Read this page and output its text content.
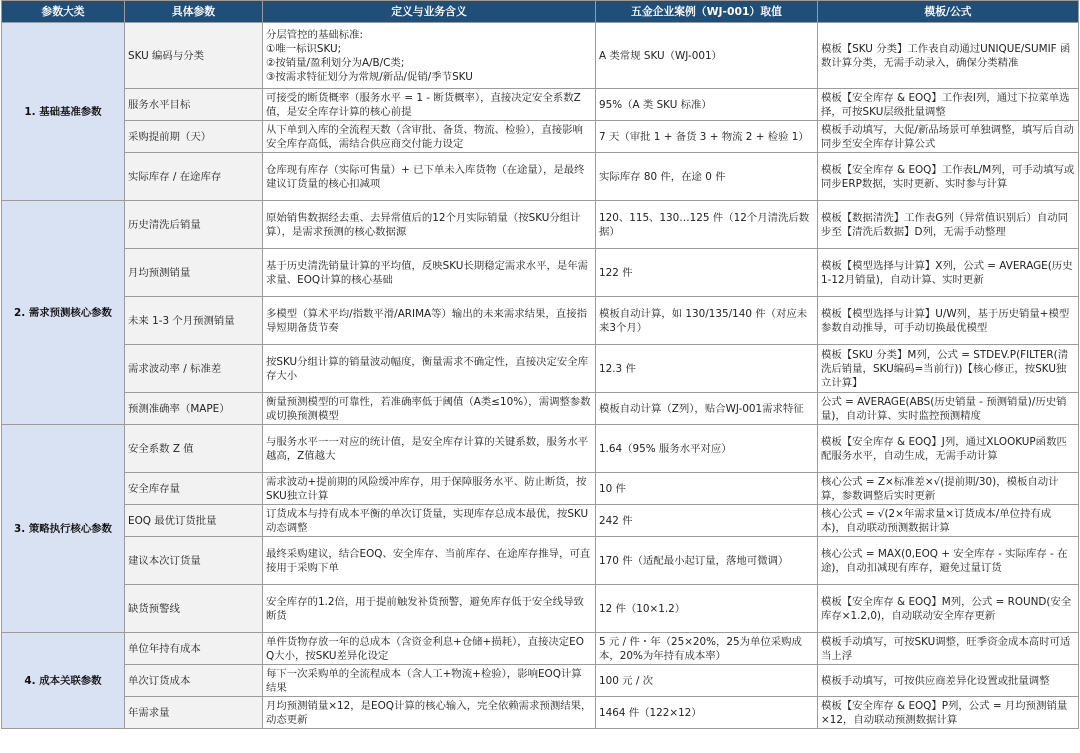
参数大类	具体参数	定义与业务含义	五金企业案例（WJ-001）取值	模板/公式
1. 基础基准参数	SKU 编码与分类	分层管控的基础标准:
①唯一标识SKU;
②按销量/盈利划分为A/B/C类;
③按需求特征划分为常规/新品/促销/季节SKU	A 类常规 SKU（WJ-001）	模板【SKU 分类】工作表自动通过UNIQUE/SUMIF 函数计算分类，无需手动录入，确保分类精准
	服务水平目标	可接受的断货概率（服务水平 = 1 - 断货概率），直接决定安全系数Z值，是安全库存计算的核心前提	95%（A 类 SKU 标准）	模板【安全库存 & EOQ】工作表I列，通过下拉菜单选择，可按SKU层级批量调整
	采购提前期（天）	从下单到入库的全流程天数（含审批、备货、物流、检验），直接影响安全库存高低，需结合供应商交付能力设定	7 天（审批 1 + 备货 3 + 物流 2 + 检验 1）	模板手动填写，大促/新品场景可单独调整，填写后自动同步至安全库存计算公式
	实际库存 / 在途库存	仓库现有库存（实际可售量）+ 已下单未入库货物（在途量），是最终建议订货量的核心扣减项	实际库存 80 件，在途 0 件	模板【安全库存 & EOQ】工作表L/M列，可手动填写或同步ERP数据，实时更新、实时参与计算
2. 需求预测核心参数	历史清洗后销量	原始销售数据经去重、去异常值后的12个月实际销量（按SKU分组计算），是需求预测的核心数据源	120、115、130…125 件（12个月清洗后数据）	模板【数据清洗】工作表G列（异常值识别后）自动同步至【清洗后数据】D列，无需手动整理
	月均预测销量	基于历史清洗销量计算的平均值，反映SKU长期稳定需求水平，是年需求量、EOQ计算的核心基础	122 件	模板【模型选择与计算】X列，公式 = AVERAGE(历史1-12月销量)，自动计算、实时更新
	未来 1-3 个月预测销量	多模型（算术平均/指数平滑/ARIMA等）输出的未来需求结果，直接指导短期备货节奏	模板自动计算，如 130/135/140 件（对应未来3个月）	模板【模型选择与计算】U/W列，基于历史销量+模型参数自动推导，可手动切换最优模型
	需求波动率 / 标准差	按SKU分组计算的销量波动幅度，衡量需求不确定性，直接决定安全库存大小	12.3 件	模板【SKU 分类】M列，公式 = STDEV.P(FILTER(清洗后销量，SKU编码=当前行))【核心修正，按SKU独立计算】
	预测准确率（MAPE）	衡量预测模型的可靠性，若准确率低于阈值（A类≤10%），需调整参数或切换预测模型	模板自动计算（Z列），贴合WJ-001需求特征	公式 = AVERAGE(ABS(历史销量 - 预测销量)/历史销量)，自动计算、实时监控预测精度
3. 策略执行核心参数	安全系数 Z 值	与服务水平一一对应的统计值，是安全库存计算的关键系数，服务水平越高，Z值越大	1.64（95% 服务水平对应）	模板【安全库存 & EOQ】J列，通过XLOOKUP函数匹配服务水平，自动生成，无需手动计算
	安全库存量	需求波动+提前期的风险缓冲库存，用于保障服务水平、防止断货，按SKU独立计算	10 件	核心公式 = Z×标准差×√(提前期/30)，模板自动计算，参数调整后实时更新
	EOQ 最优订货批量	订货成本与持有成本平衡的单次订货量，实现库存总成本最优，按SKU动态调整	242 件	核心公式 = √(2×年需求量×订货成本/单位持有成本)，自动联动预测数据计算
	建议本次订货量	最终采购建议，结合EOQ、安全库存、当前库存、在途库存推导，可直接用于采购下单	170 件（适配最小起订量，落地可微调）	核心公式 = MAX(0,EOQ + 安全库存 - 实际库存 - 在途)，自动扣减现有库存，避免过量订货
	缺货预警线	安全库存的1.2倍，用于提前触发补货预警，避免库存低于安全线导致断货	12 件（10×1.2）	模板【安全库存 & EOQ】M列，公式 = ROUND(安全库存×1.2,0)，自动联动安全库存更新
4. 成本关联参数	单位年持有成本	单件货物存放一年的总成本（含资金利息+仓储+损耗），直接决定EOQ大小，按SKU差异化设定	5 元 / 件・年（25×20%，25为单位采购成本，20%为年持有成本率）	模板手动填写，可按SKU调整，旺季资金成本高时可适当上浮
	单次订货成本	每下一次采购单的全流程成本（含人工+物流+检验），影响EOQ计算结果	100 元 / 次	模板手动填写，可按供应商差异化设置或批量调整
	年需求量	月均预测销量×12，是EOQ计算的核心输入，完全依赖需求预测结果，动态更新	1464 件（122×12）	模板【安全库存 & EOQ】P列，公式 = 月均预测销量×12，自动联动预测数据计算
